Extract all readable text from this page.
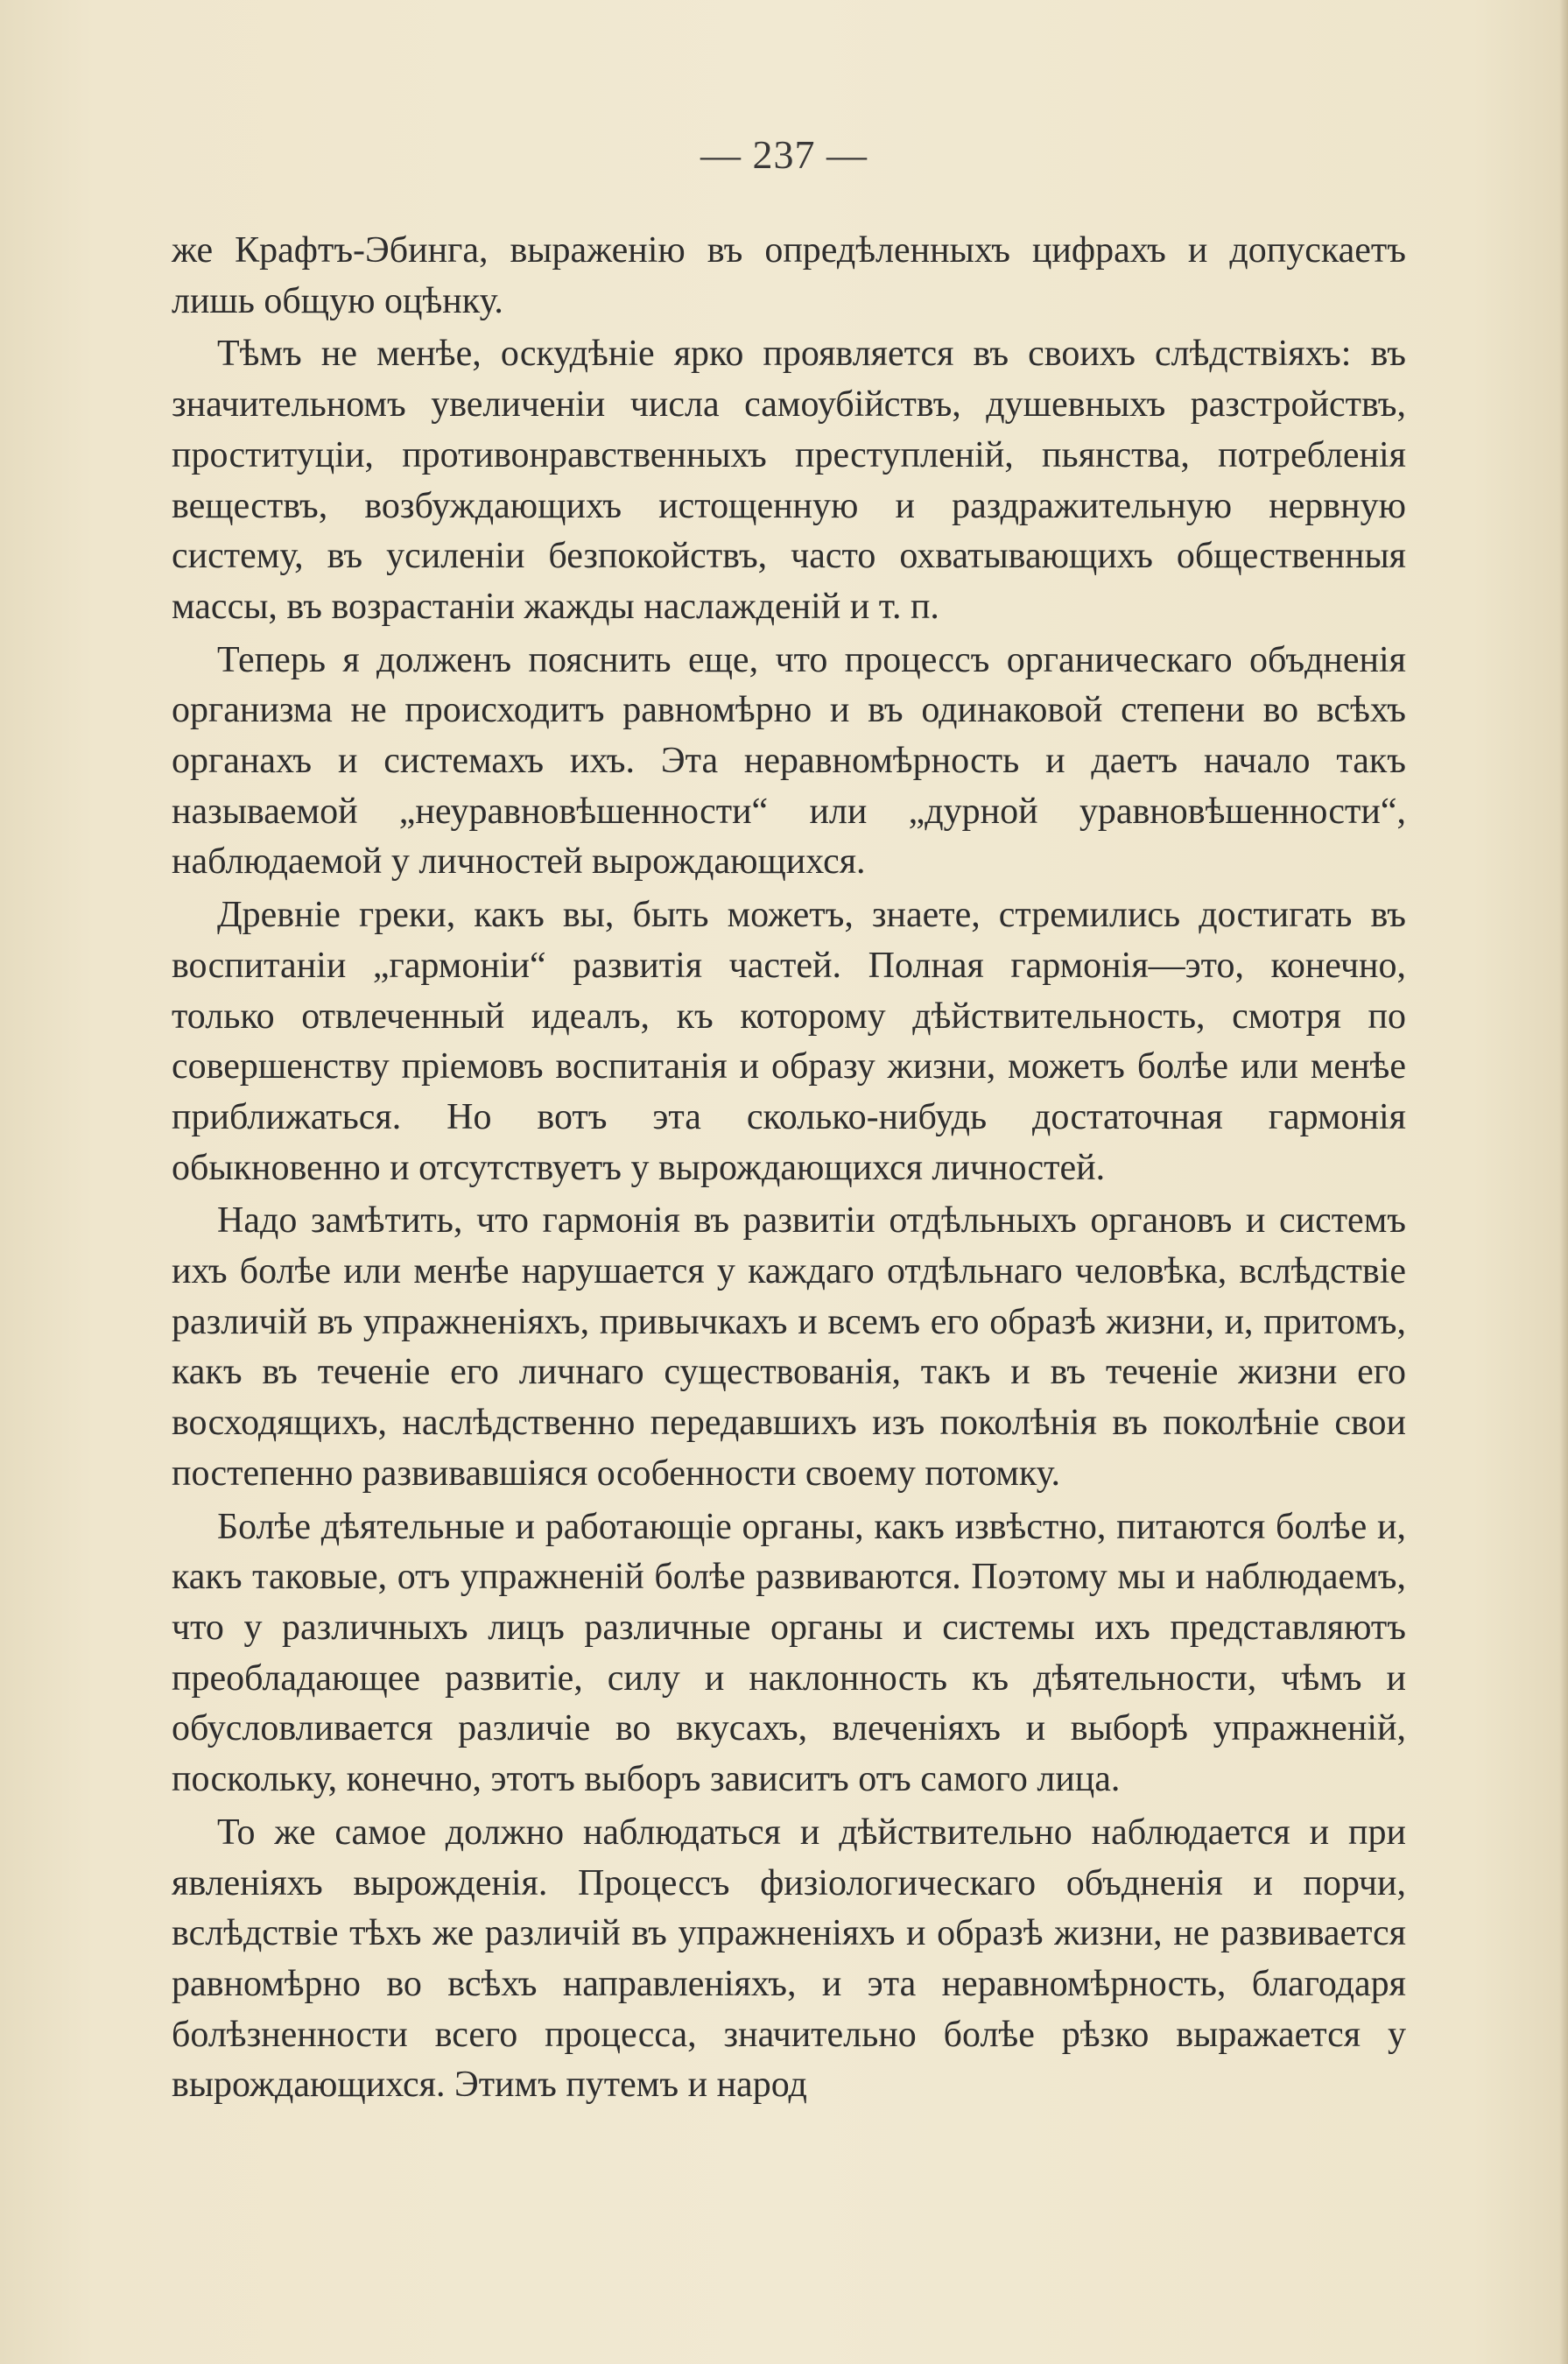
— 237 —

же Крафтъ-Эбинга, выраженію въ опредѣленныхъ цифрахъ и допускаетъ лишь общую оцѣнку.

Тѣмъ не менѣе, оскудѣніе ярко проявляется въ своихъ слѣдствіяхъ: въ значительномъ увеличеніи числа самоубійствъ, душевныхъ разстройствъ, проституціи, противонравственныхъ преступленій, пьянства, потребленія веществъ, возбуждающихъ истощенную и раздражительную нервную систему, въ усиленіи безпокойствъ, часто охватывающихъ общественныя массы, въ возрастаніи жажды наслажденій и т. п.

Теперь я долженъ пояснить еще, что процессъ органическаго объдненія организма не происходитъ равномѣрно и въ одинаковой степени во всѣхъ органахъ и системахъ ихъ. Эта неравномѣрность и даетъ начало такъ называемой „неуравновѣшенности“ или „дурной уравновѣшенности“, наблюдаемой у личностей вырождающихся.

Древніе греки, какъ вы, быть можетъ, знаете, стремились достигать въ воспитаніи „гармоніи“ развитія частей. Полная гармонія—это, конечно, только отвлеченный идеалъ, къ которому дѣйствительность, смотря по совершенству пріемовъ воспитанія и образу жизни, можетъ болѣе или менѣе приближаться. Но вотъ эта сколько-нибудь достаточная гармонія обыкновенно и отсутствуетъ у вырождающихся личностей.

Надо замѣтить, что гармонія въ развитіи отдѣльныхъ органовъ и системъ ихъ болѣе или менѣе нарушается у каждаго отдѣльнаго человѣка, вслѣдствіе различій въ упражненіяхъ, привычкахъ и всемъ его образѣ жизни, и, притомъ, какъ въ теченіе его личнаго существованія, такъ и въ теченіе жизни его восходящихъ, наслѣдственно передавшихъ изъ поколѣнія въ поколѣніе свои постепенно развивавшіяся особенности своему потомку.

Болѣе дѣятельные и работающіе органы, какъ извѣстно, питаются болѣе и, какъ таковые, отъ упражненій болѣе развиваются. Поэтому мы и наблюдаемъ, что у различныхъ лицъ различные органы и системы ихъ представляютъ преобладающее развитіе, силу и наклонность къ дѣятельности, чѣмъ и обусловливается различіе во вкусахъ, влеченіяхъ и выборѣ упражненій, поскольку, конечно, этотъ выборъ зависитъ отъ самого лица.

То же самое должно наблюдаться и дѣйствительно наблюдается и при явленіяхъ вырожденія. Процессъ физіологическаго объдненія и порчи, вслѣдствіе тѣхъ же различій въ упражненіяхъ и образѣ жизни, не развивается равномѣрно во всѣхъ направленіяхъ, и эта неравномѣрность, благодаря болѣзненности всего процесса, значительно болѣе рѣзко выражается у вырождающихся. Этимъ путемъ и народ
